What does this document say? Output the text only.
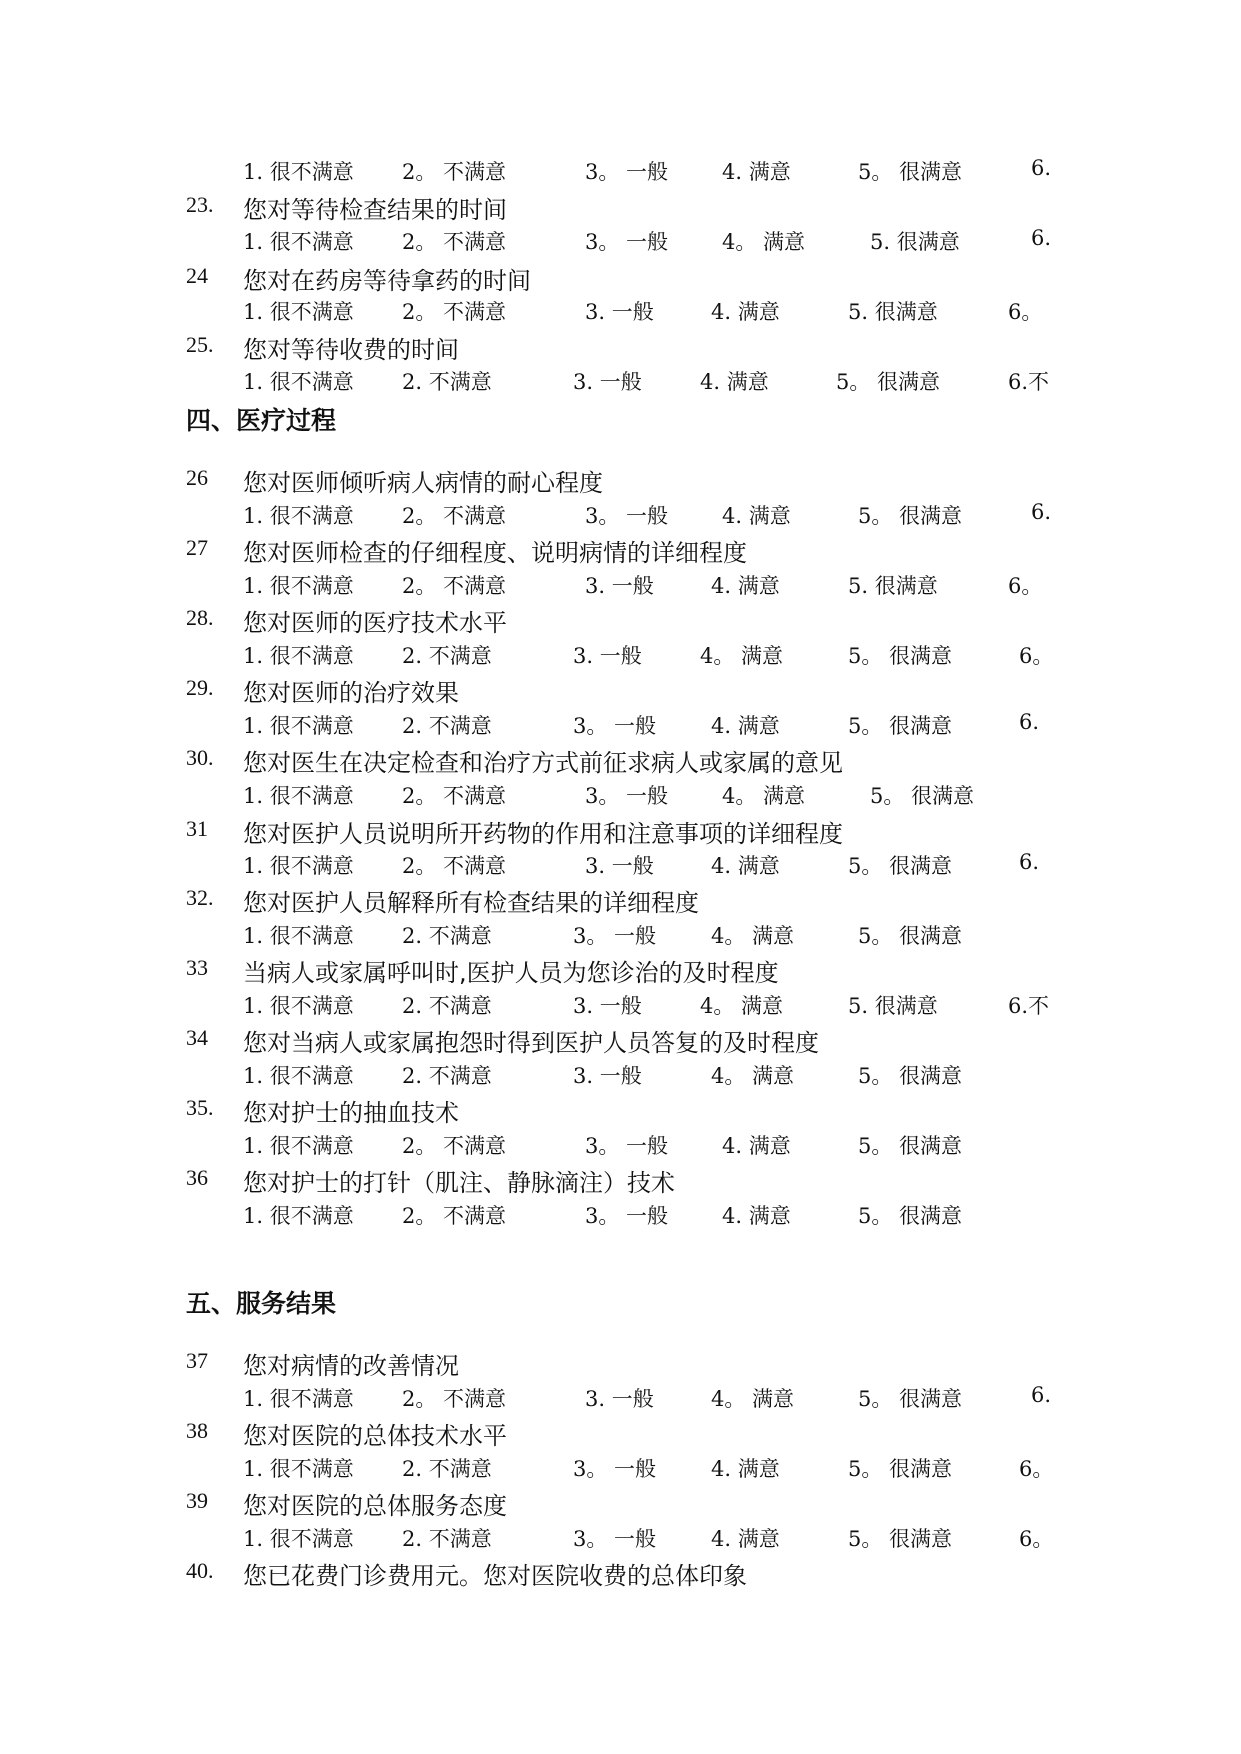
1. 很不满意 2。 不满意	3。 一般	4. 满意	5。 很满意	6.
23. 您对等待检查结果的时间
1. 很不满意 2。 不满意	3。 一般	4。 满意	5. 很满意	6.
24 您对在药房等待拿药的时间
1. 很不满意 2。 不满意	3. 一般	4. 满意	5. 很满意	6。
25. 您对等待收费的时间
1. 很不满意 2. 不满意	3. 一般	4. 满意	5。 很满意	6.不
四、医疗过程
26 您对医师倾听病人病情的耐心程度
1. 很不满意 2。 不满意	3。 一般	4. 满意	5。 很满意	6.
27 您对医师检查的仔细程度、说明病情的详细程度
1. 很不满意 2。 不满意	3. 一般	4. 满意	5. 很满意	6。
28. 您对医师的医疗技术水平
1. 很不满意 2. 不满意	3. 一般	4。 满意	5。 很满意	6。
29. 您对医师的治疗效果
1. 很不满意 2. 不满意	3。 一般	4. 满意	5。 很满意	6.
30. 您对医生在决定检查和治疗方式前征求病人或家属的意见
1. 很不满意 2。 不满意	3。 一般	4。 满意	5。 很满意
31 您对医护人员说明所开药物的作用和注意事项的详细程度
1. 很不满意 2。 不满意	3. 一般	4. 满意	5。 很满意	6.
32. 您对医护人员解释所有检查结果的详细程度
1. 很不满意 2. 不满意	3。 一般	4。 满意	5。 很满意
33 当病人或家属呼叫时,医护人员为您诊治的及时程度
1. 很不满意 2. 不满意	3. 一般	4。 满意	5. 很满意	6.不
34 您对当病人或家属抱怨时得到医护人员答复的及时程度
1. 很不满意 2. 不满意	3. 一般	4。 满意	5。 很满意
35. 您对护士的抽血技术
1. 很不满意 2。 不满意	3。 一般	4. 满意	5。 很满意
36 您对护士的打针（肌注、静脉滴注）技术
1. 很不满意 2。 不满意	3。 一般	4. 满意	5。 很满意
五、服务结果
37 您对病情的改善情况
1. 很不满意 2。 不满意	3. 一般	4。 满意	5。 很满意	6.
38 您对医院的总体技术水平
1. 很不满意 2. 不满意	3。 一般	4. 满意	5。 很满意	6。
39 您对医院的总体服务态度
1. 很不满意 2. 不满意	3。 一般	4. 满意	5。 很满意	6。
40. 您已花费门诊费用元。您对医院收费的总体印象
